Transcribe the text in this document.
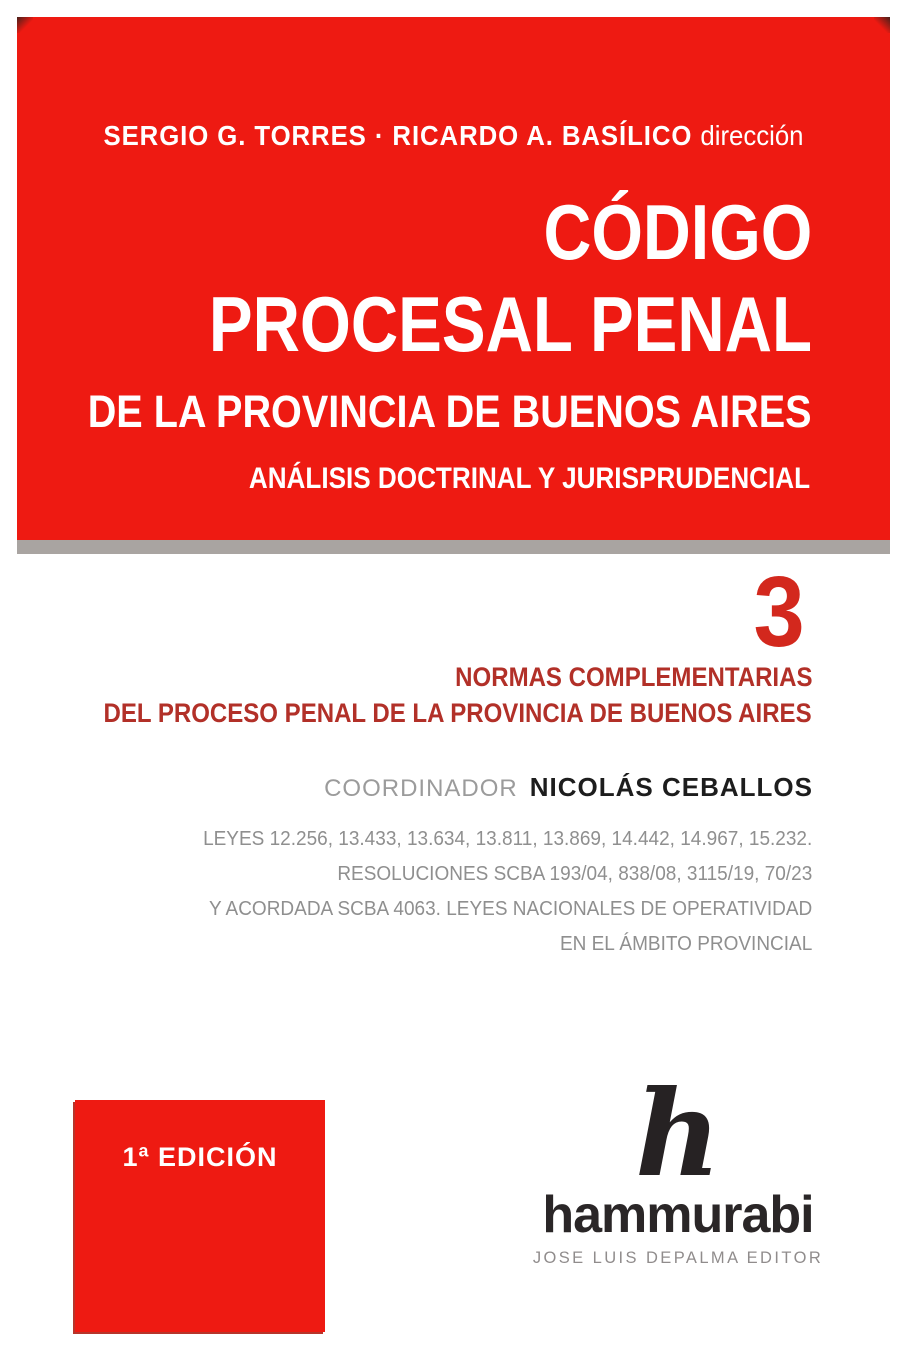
SERGIO G. TORRES · RICARDO A. BASÍLICO dirección
CÓDIGO
PROCESAL PENAL
DE LA PROVINCIA DE BUENOS AIRES
ANÁLISIS DOCTRINAL Y JURISPRUDENCIAL
3
NORMAS COMPLEMENTARIAS
DEL PROCESO PENAL DE LA PROVINCIA DE BUENOS AIRES
COORDINADOR NICOLÁS CEBALLOS
LEYES 12.256, 13.433, 13.634, 13.811, 13.869, 14.442, 14.967, 15.232.
RESOLUCIONES SCBA 193/04, 838/08, 3115/19, 70/23
Y ACORDADA SCBA 4063. LEYES NACIONALES DE OPERATIVIDAD
EN EL ÁMBITO PROVINCIAL
1ª EDICIÓN	h
hammurabi
JOSE LUIS DEPALMA EDITOR
